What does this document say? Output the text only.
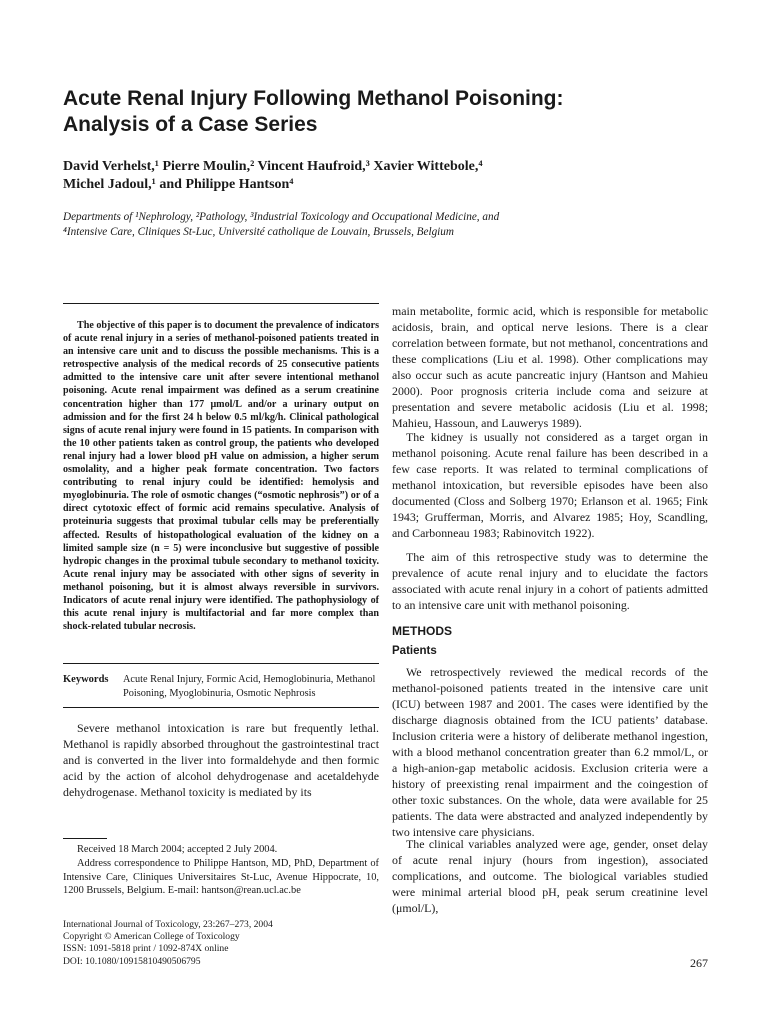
Acute Renal Injury Following Methanol Poisoning:
Analysis of a Case Series
David Verhelst,¹ Pierre Moulin,² Vincent Haufroid,³ Xavier Wittebole,⁴
Michel Jadoul,¹ and Philippe Hantson⁴
Departments of ¹Nephrology, ²Pathology, ³Industrial Toxicology and Occupational Medicine, and
⁴Intensive Care, Cliniques St-Luc, Université catholique de Louvain, Brussels, Belgium

The objective of this paper is to document the prevalence of indicators of acute renal injury in a series of methanol-poisoned patients treated in an intensive care unit and to discuss the possible mechanisms. This is a retrospective analysis of the medical records of 25 consecutive patients admitted to the intensive care unit after severe intentional methanol poisoning. Acute renal impairment was defined as a serum creatinine concentration higher than 177 μmol/L and/or a urinary output on admission and for the first 24 h below 0.5 ml/kg/h. Clinical pathological signs of acute renal injury were found in 15 patients. In comparison with the 10 other patients taken as control group, the patients who developed renal injury had a lower blood pH value on admission, a higher serum osmolality, and a higher peak formate concentration. Two factors contributing to renal injury could be identified: hemolysis and myoglobinuria. The role of osmotic changes (“osmotic nephrosis”) or of a direct cytotoxic effect of formic acid remains speculative. Analysis of proteinuria suggests that proximal tubular cells may be preferentially affected. Results of histopathological evaluation of the kidney on a limited sample size (n = 5) were inconclusive but suggestive of possible hydropic changes in the proximal tubule secondary to methanol toxicity. Acute renal injury may be associated with other signs of severity in methanol poisoning, but it is almost always reversible in survivors. Indicators of acute renal injury were identified. The pathophysiology of this acute renal injury is multifactorial and far more complex than shock-related tubular necrosis.

Keywords Acute Renal Injury, Formic Acid, Hemoglobinuria, Methanol Poisoning, Myoglobinuria, Osmotic Nephrosis

Severe methanol intoxication is rare but frequently lethal. Methanol is rapidly absorbed throughout the gastrointestinal tract and is converted in the liver into formaldehyde and then formic acid by the action of alcohol dehydrogenase and acetaldehyde dehydrogenase. Methanol toxicity is mediated by its

Received 18 March 2004; accepted 2 July 2004.

Address correspondence to Philippe Hantson, MD, PhD, Department of Intensive Care, Cliniques Universitaires St-Luc, Avenue Hippocrate, 10, 1200 Brussels, Belgium. E-mail: hantson@rean.ucl.ac.be

International Journal of Toxicology, 23:267–273, 2004
Copyright © American College of Toxicology
ISSN: 1091-5818 print / 1092-874X online
DOI: 10.1080/10915810490506795	267

main metabolite, formic acid, which is responsible for metabolic acidosis, brain, and optical nerve lesions. There is a clear correlation between formate, but not methanol, concentrations and these complications (Liu et al. 1998). Other complications may also occur such as acute pancreatic injury (Hantson and Mahieu 2000). Poor prognosis criteria include coma and seizure at presentation and severe metabolic acidosis (Liu et al. 1998; Mahieu, Hassoun, and Lauwerys 1989).

The kidney is usually not considered as a target organ in methanol poisoning. Acute renal failure has been described in a few case reports. It was related to terminal complications of methanol intoxication, but reversible episodes have been also documented (Closs and Solberg 1970; Erlanson et al. 1965; Fink 1943; Grufferman, Morris, and Alvarez 1985; Hoy, Scandling, and Carbonneau 1983; Rabinovitch 1922).

The aim of this retrospective study was to determine the prevalence of acute renal injury and to elucidate the factors associated with acute renal injury in a cohort of patients admitted to an intensive care unit with methanol poisoning.

METHODS
Patients

We retrospectively reviewed the medical records of the methanol-poisoned patients treated in the intensive care unit (ICU) between 1987 and 2001. The cases were identified by the discharge diagnosis obtained from the ICU patients’ database. Inclusion criteria were a history of deliberate methanol ingestion, with a blood methanol concentration greater than 6.2 mmol/L, or a high-anion-gap metabolic acidosis. Exclusion criteria were a history of preexisting renal impairment and the coingestion of other toxic substances. On the whole, data were available for 25 patients. The data were abstracted and analyzed independently by two intensive care physicians.

The clinical variables analyzed were age, gender, onset delay of acute renal injury (hours from ingestion), associated complications, and outcome. The biological variables studied were minimal arterial blood pH, peak serum creatinine level (μmol/L),
